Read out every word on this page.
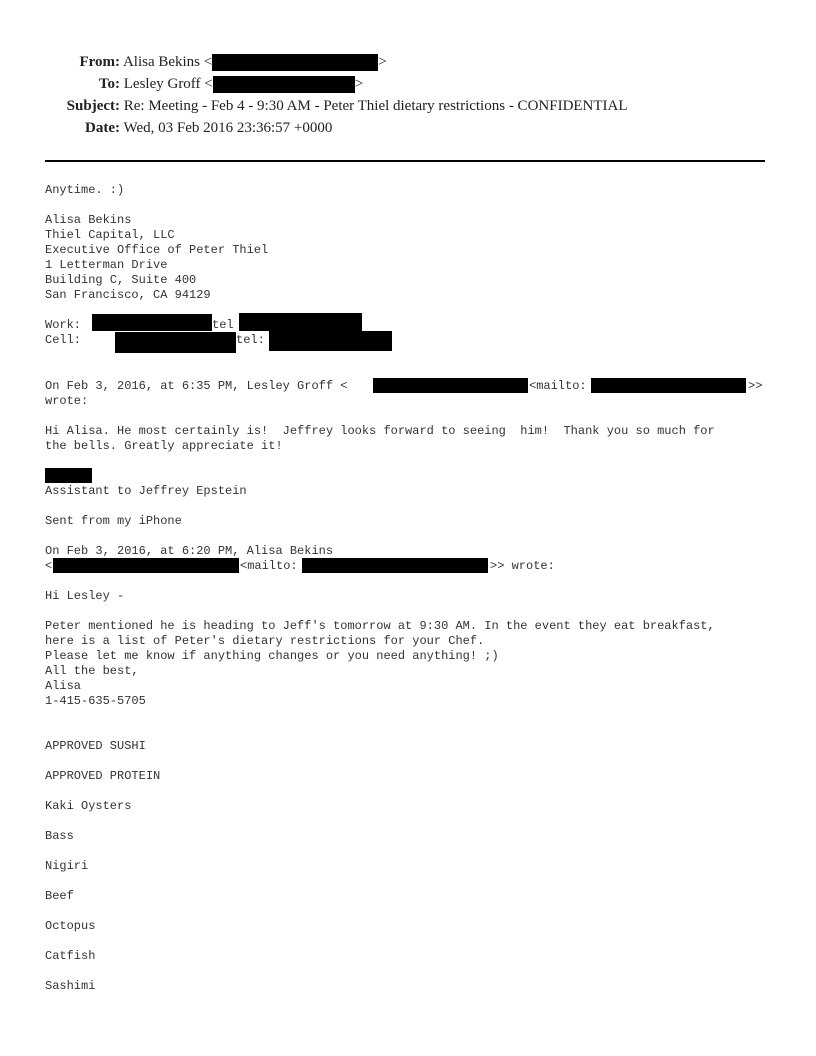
From: Alisa Bekins <	>
To: Lesley Groff <	>
Subject: Re: Meeting - Feb 4 - 9:30 AM - Peter Thiel dietary restrictions - CONFIDENTIAL
Date: Wed, 03 Feb 2016 23:36:57 +0000
Anytime. :)
Alisa Bekins
Thiel Capital, LLC
Executive Office of Peter Thiel
1 Letterman Drive
Building C, Suite 400
San Francisco, CA 94129
Work:	tel
Cell:	tel:
On Feb 3, 2016, at 6:35 PM, Lesley Groff <	<mailto:	>>
wrote:
Hi Alisa. He most certainly is!  Jeffrey looks forward to seeing  him!  Thank you so much for
the bells. Greatly appreciate it!
Assistant to Jeffrey Epstein
Sent from my iPhone
On Feb 3, 2016, at 6:20 PM, Alisa Bekins
<	<mailto:	>> wrote:
Hi Lesley -
Peter mentioned he is heading to Jeff's tomorrow at 9:30 AM. In the event they eat breakfast,
here is a list of Peter's dietary restrictions for your Chef.
Please let me know if anything changes or you need anything! ;)
All the best,
Alisa
1-415-635-5705
APPROVED SUSHI
APPROVED PROTEIN
Kaki Oysters
Bass
Nigiri
Beef
Octopus
Catfish
Sashimi
